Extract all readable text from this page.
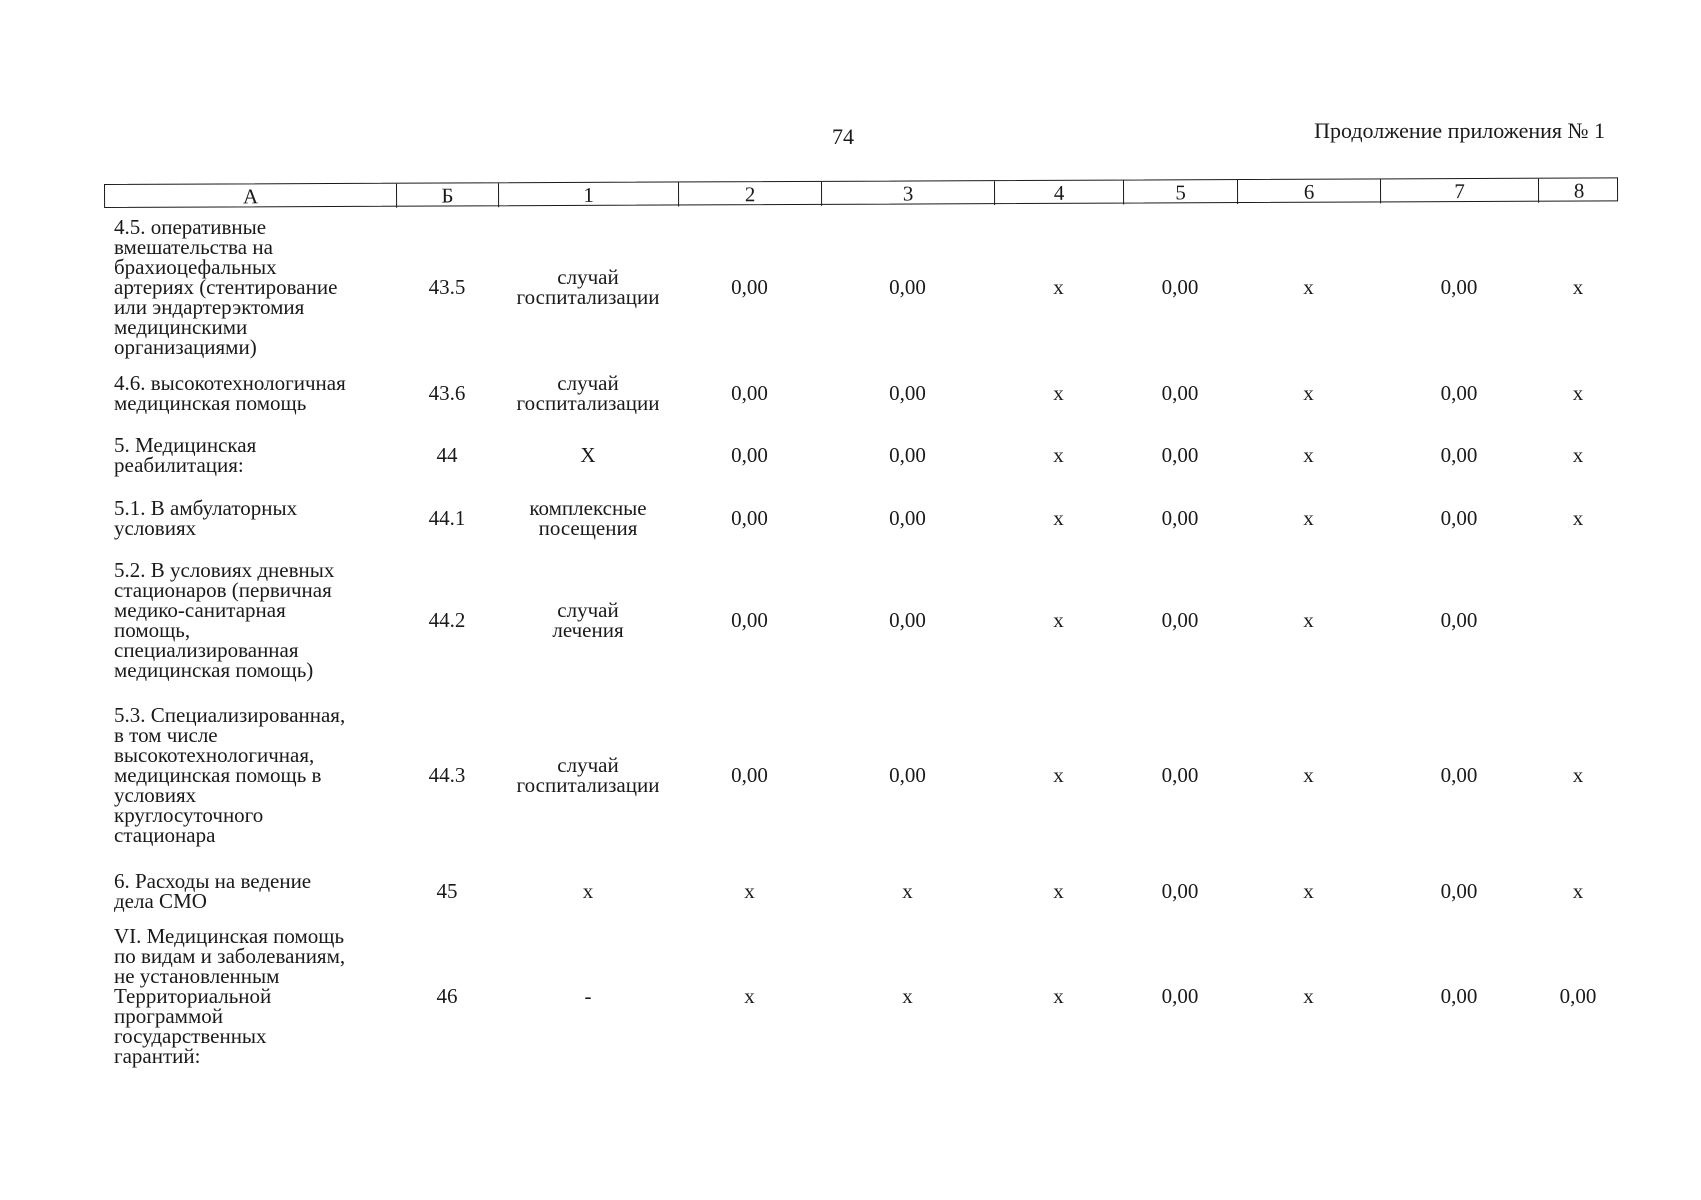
74	Продолжение приложения № 1
А	Б	1	2	3	4	5	6	7	8
4.5. оперативные
вмешательства на
брахиоцефальных
артериях (стентирование
или эндартерэктомия
медицинскими
организациями)
43.5	случай
госпитализации	0,00	0,00	x	0,00	x	0,00	x
4.6. высокотехнологичная
медицинская помощь	43.6	случай
госпитализации	0,00	0,00	x	0,00	x	0,00	x
5. Медицинская
реабилитация:	44	X	0,00	0,00	x	0,00	x	0,00	x
5.1. В амбулаторных
условиях	44.1	комплексные
посещения	0,00	0,00	x	0,00	x	0,00	x
5.2. В условиях дневных
стационаров (первичная
медико-санитарная
помощь,
специализированная
медицинская помощь)
44.2	случай
лечения	0,00	0,00	x	0,00	x	0,00
5.3. Специализированная,
в том числе
высокотехнологичная,
медицинская помощь в
условиях
круглосуточного
стационара
44.3	случай
госпитализации	0,00	0,00	x	0,00	x	0,00	x
6. Расходы на ведение
дела СМО	45	x	x	x	x	0,00	x	0,00	x
VI. Медицинская помощь
по видам и заболеваниям,
не установленным
Территориальной
программой
государственных
гарантий:
46	-	x	x	x	0,00	x	0,00	0,00
